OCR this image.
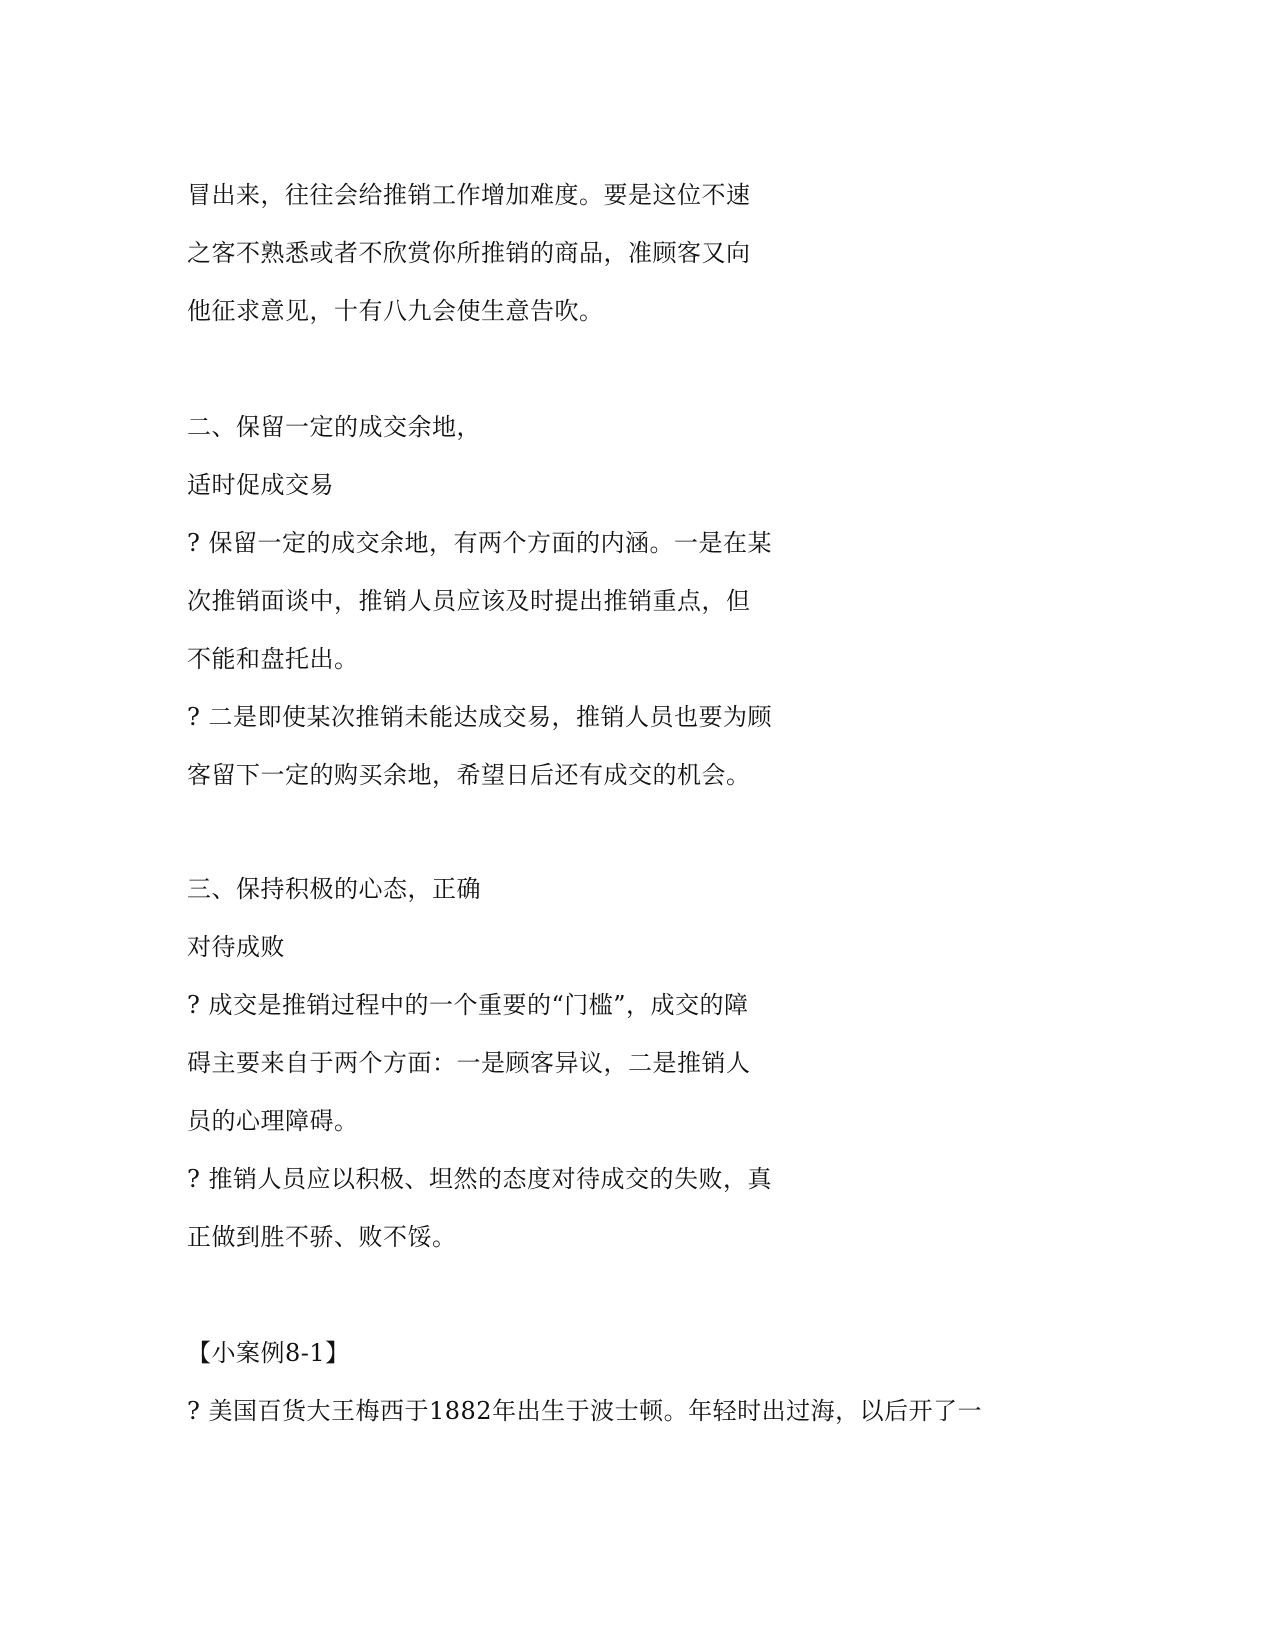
冒出来，往往会给推销工作增加难度。要是这位不速

之客不熟悉或者不欣赏你所推销的商品，准顾客又向

他征求意见，十有八九会使生意告吹。

二、保留一定的成交余地，

适时促成交易

? 保留一定的成交余地，有两个方面的内涵。一是在某

次推销面谈中，推销人员应该及时提出推销重点，但

不能和盘托出。

? 二是即使某次推销未能达成交易，推销人员也要为顾

客留下一定的购买余地，希望日后还有成交的机会。

三、保持积极的心态，正确

对待成败

? 成交是推销过程中的一个重要的“门槛”，成交的障

碍主要来自于两个方面：一是顾客异议，二是推销人

员的心理障碍。

? 推销人员应以积极、坦然的态度对待成交的失败，真

正做到胜不骄、败不馁。

【小案例8-1】

? 美国百货大王梅西于1882年出生于波士顿。年轻时出过海，以后开了一
